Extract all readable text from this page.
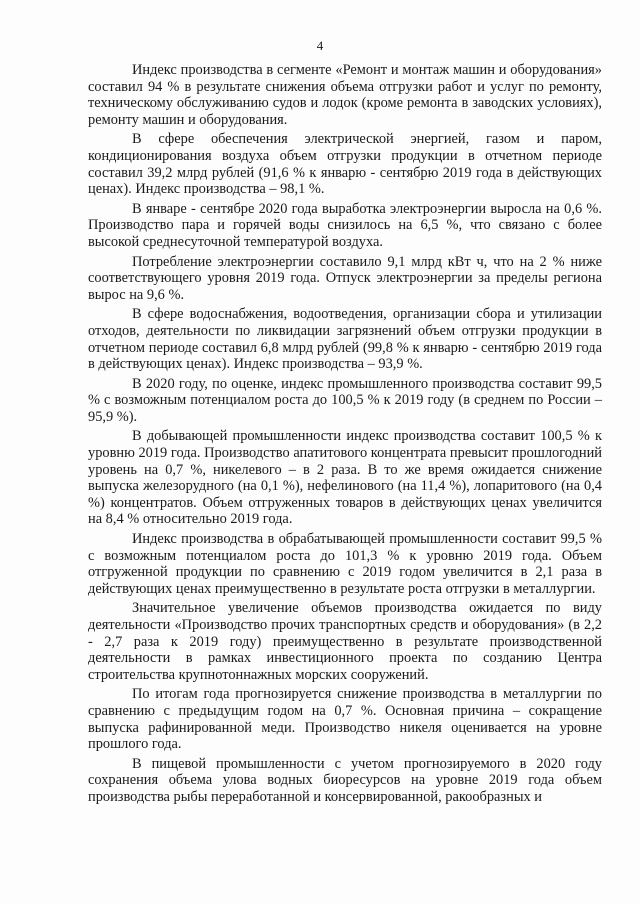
4

Индекс производства в сегменте «Ремонт и монтаж машин и оборудования» составил 94 % в результате снижения объема отгрузки работ и услуг по ремонту, техническому обслуживанию судов и лодок (кроме ремонта в заводских условиях), ремонту машин и оборудования.

В сфере обеспечения электрической энергией, газом и паром, кондиционирования воздуха объем отгрузки продукции в отчетном периоде составил 39,2 млрд рублей (91,6 % к январю - сентябрю 2019 года в действующих ценах). Индекс производства – 98,1 %.

В январе - сентябре 2020 года выработка электроэнергии выросла на 0,6 %. Производство пара и горячей воды снизилось на 6,5 %, что связано с более высокой среднесуточной температурой воздуха.

Потребление электроэнергии составило 9,1 млрд кВт ч, что на 2 % ниже соответствующего уровня 2019 года. Отпуск электроэнергии за пределы региона вырос на 9,6 %.

В сфере водоснабжения, водоотведения, организации сбора и утилизации отходов, деятельности по ликвидации загрязнений объем отгрузки продукции в отчетном периоде составил 6,8 млрд рублей (99,8 % к январю - сентябрю 2019 года в действующих ценах). Индекс производства – 93,9 %.

В 2020 году, по оценке, индекс промышленного производства составит 99,5 % с возможным потенциалом роста до 100,5 % к 2019 году (в среднем по России – 95,9 %).

В добывающей промышленности индекс производства составит 100,5 % к уровню 2019 года. Производство апатитового концентрата превысит прошлогодний уровень на 0,7 %, никелевого – в 2 раза. В то же время ожидается снижение выпуска железорудного (на 0,1 %), нефелинового (на 11,4 %), лопаритового (на 0,4 %) концентратов. Объем отгруженных товаров в действующих ценах увеличится на 8,4 % относительно 2019 года.

Индекс производства в обрабатывающей промышленности составит 99,5 % с возможным потенциалом роста до 101,3 % к уровню 2019 года. Объем отгруженной продукции по сравнению с 2019 годом увеличится в 2,1 раза в действующих ценах преимущественно в результате роста отгрузки в металлургии.

Значительное увеличение объемов производства ожидается по виду деятельности «Производство прочих транспортных средств и оборудования» (в 2,2 - 2,7 раза к 2019 году) преимущественно в результате производственной деятельности в рамках инвестиционного проекта по созданию Центра строительства крупнотоннажных морских сооружений.

По итогам года прогнозируется снижение производства в металлургии по сравнению с предыдущим годом на 0,7 %. Основная причина – сокращение выпуска рафинированной меди. Производство никеля оценивается на уровне прошлого года.

В пищевой промышленности с учетом прогнозируемого в 2020 году сохранения объема улова водных биоресурсов на уровне 2019 года объем производства рыбы переработанной и консервированной, ракообразных и
